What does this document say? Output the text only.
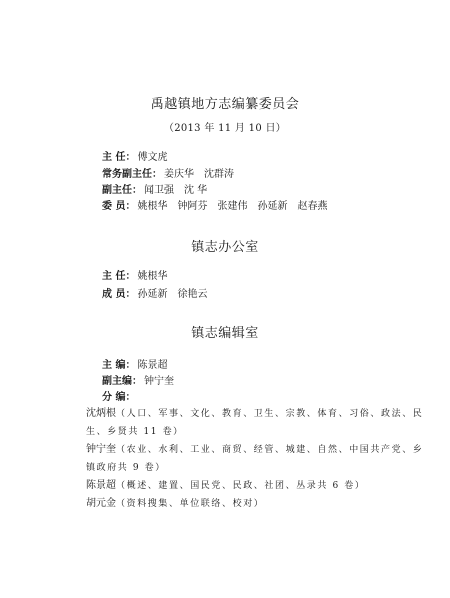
禹越镇地方志编纂委员会
（2013 年 11 月 10 日）
主 任： 傅文虎
常务副主任： 姜庆华 沈群涛
副主任： 闻卫强 沈 华
委 员： 姚根华 钟阿芬 张建伟 孙延新 赵春燕
镇志办公室
主 任： 姚根华
成 员： 孙延新 徐艳云
镇志编辑室
主 编： 陈景超
副主编： 钟宁奎
分 编：
沈炳根（人口、军事、文化、教育、卫生、宗教、体育、习俗、政法、民
生、乡贤共 11 卷）
钟宁奎（农业、水利、工业、商贸、经管、城建、自然、中国共产党、乡
镇政府共 9 卷）
陈景超（概述、建置、国民党、民政、社团、丛录共 6 卷）
胡元金（资料搜集、单位联络、校对）
